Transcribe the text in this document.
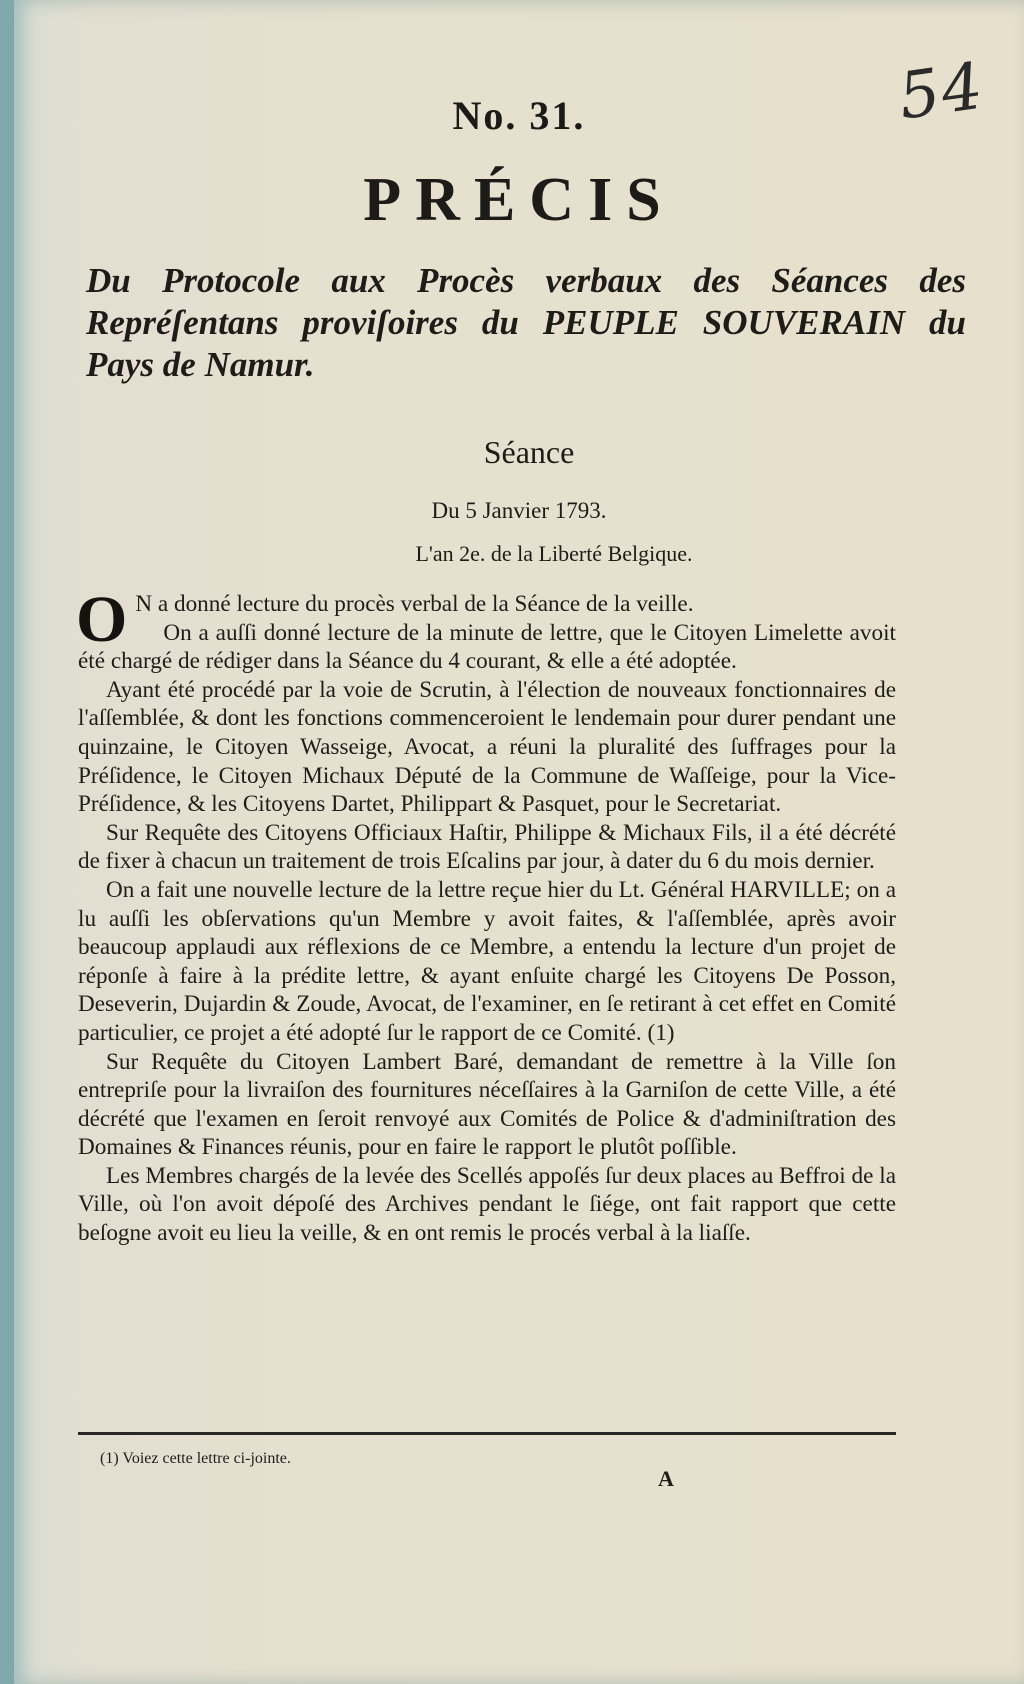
54
No. 31.
PRÉCIS
Du Protocole aux Procès verbaux des Séances des Repréſentans proviſoires du PEUPLE SOUVERAIN du Pays de Namur.
Séance
Du 5 Janvier 1793.
L'an 2e. de la Liberté Belgique.

O N a donné lecture du procès verbal de la Séance de la veille.

On a auſſi donné lecture de la minute de lettre, que le Citoyen Limelette avoit été chargé de rédiger dans la Séance du 4 courant, & elle a été adoptée.

Ayant été procédé par la voie de Scrutin, à l'élection de nouveaux fonctionnaires de l'aſſemblée, & dont les fonctions commenceroient le lendemain pour durer pendant une quinzaine, le Citoyen Wasseige, Avocat, a réuni la pluralité des ſuffrages pour la Préſidence, le Citoyen Michaux Député de la Commune de Waſſeige, pour la Vice-Préſidence, & les Citoyens Dartet, Philippart & Pasquet, pour le Secretariat.

Sur Requête des Citoyens Officiaux Haſtir, Philippe & Michaux Fils, il a été décrété de fixer à chacun un traitement de trois Eſcalins par jour, à dater du 6 du mois dernier.

On a fait une nouvelle lecture de la lettre reçue hier du Lt. Général HARVILLE; on a lu auſſi les obſervations qu'un Membre y avoit faites, & l'aſſemblée, après avoir beaucoup applaudi aux réflexions de ce Membre, a entendu la lecture d'un projet de réponſe à faire à la prédite lettre, & ayant enſuite chargé les Citoyens De Posson, Deseverin, Dujardin & Zoude, Avocat, de l'examiner, en ſe retirant à cet effet en Comité particulier, ce projet a été adopté ſur le rapport de ce Comité. (1)

Sur Requête du Citoyen Lambert Baré, demandant de remettre à la Ville ſon entrepriſe pour la livraiſon des fournitures néceſſaires à la Garniſon de cette Ville, a été décrété que l'examen en ſeroit renvoyé aux Comités de Police & d'adminiſtration des Domaines & Finances réunis, pour en faire le rapport le plutôt poſſible.

Les Membres chargés de la levée des Scellés appoſés ſur deux places au Beffroi de la Ville, où l'on avoit dépoſé des Archives pendant le ſiége, ont fait rapport que cette beſogne avoit eu lieu la veille, & en ont remis le procés verbal à la liaſſe.

(1) Voiez cette lettre ci-jointe.
A
